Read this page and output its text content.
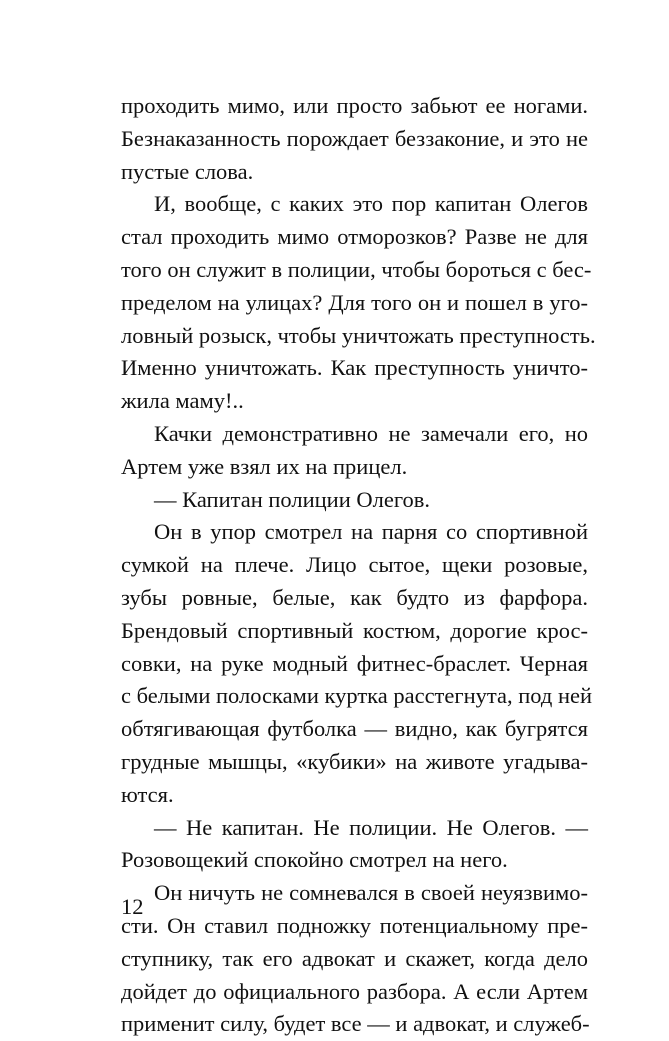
проходить мимо, или просто забьют ее ногами.
Безнаказанность порождает беззаконие, и это не
пустые слова.
И, вообще, с каких это пор капитан Олегов
стал проходить мимо отморозков? Разве не для
того он служит в полиции, чтобы бороться с бес-
пределом на улицах? Для того он и пошел в уго-
ловный розыск, чтобы уничтожать преступность.
Именно уничтожать. Как преступность уничто-
жила маму!..
Качки демонстративно не замечали его, но
Артем уже взял их на прицел.
— Капитан полиции Олегов.
Он в упор смотрел на парня со спортивной
сумкой на плече. Лицо сытое, щеки розовые,
зубы ровные, белые, как будто из фарфора.
Брендовый спортивный костюм, дорогие крос-
совки, на руке модный фитнес-браслет. Черная
с белыми полосками куртка расстегнута, под ней
обтягивающая футболка — видно, как бугрятся
грудные мышцы, «кубики» на животе угадыва-
ются.
— Не капитан. Не полиции. Не Олегов. —
Розовощекий спокойно смотрел на него.
Он ничуть не сомневался в своей неуязвимо-
сти. Он ставил подножку потенциальному пре-
ступнику, так его адвокат и скажет, когда дело
дойдет до официального разбора. А если Артем
применит силу, будет все — и адвокат, и служеб-
12
